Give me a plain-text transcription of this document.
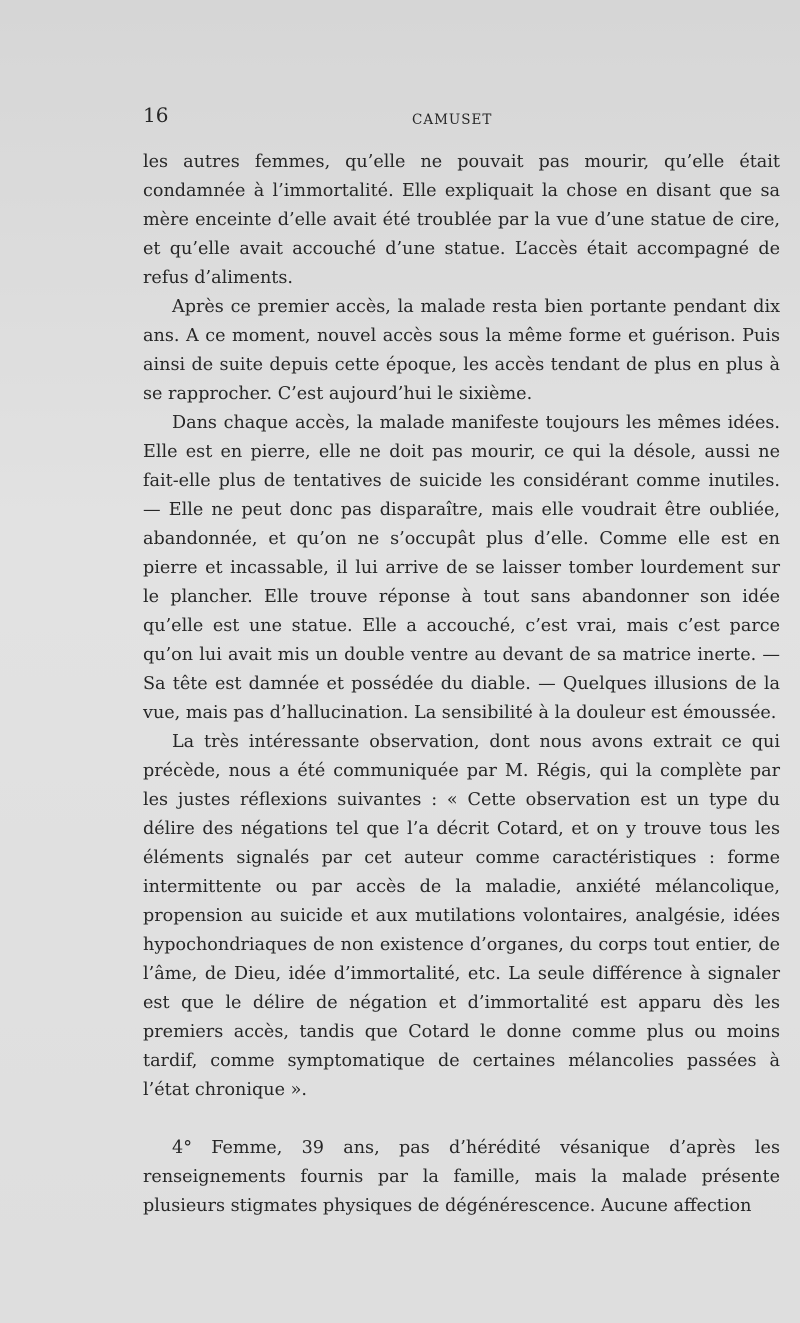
16	CAMUSET

les autres femmes, qu’elle ne pouvait pas mourir, qu’elle était condamnée à l’immortalité. Elle expliquait la chose en disant que sa mère enceinte d’elle avait été troublée par la vue d’une statue de cire, et qu’elle avait accouché d’une statue. L’accès était accompagné de refus d’aliments.

Après ce premier accès, la malade resta bien portante pendant dix ans. A ce moment, nouvel accès sous la même forme et guérison. Puis ainsi de suite depuis cette époque, les accès tendant de plus en plus à se rapprocher. C’est aujourd’hui le sixième.

Dans chaque accès, la malade manifeste toujours les mêmes idées. Elle est en pierre, elle ne doit pas mourir, ce qui la désole, aussi ne fait-elle plus de tentatives de suicide les considérant comme inutiles. — Elle ne peut donc pas disparaître, mais elle voudrait être oubliée, abandonnée, et qu’on ne s’occupât plus d’elle. Comme elle est en pierre et incassable, il lui arrive de se laisser tomber lourdement sur le plancher. Elle trouve réponse à tout sans abandonner son idée qu’elle est une statue. Elle a accouché, c’est vrai, mais c’est parce qu’on lui avait mis un double ventre au devant de sa matrice inerte. — Sa tête est damnée et possédée du diable. — Quelques illusions de la vue, mais pas d’hallucination. La sensibilité à la douleur est émoussée.

La très intéressante observation, dont nous avons extrait ce qui précède, nous a été communiquée par M. Régis, qui la complète par les justes réflexions suivantes : « Cette observation est un type du délire des négations tel que l’a décrit Cotard, et on y trouve tous les éléments signalés par cet auteur comme caractéristiques : forme intermittente ou par accès de la maladie, anxiété mélancolique, propension au suicide et aux mutilations volontaires, analgésie, idées hypochondriaques de non existence d’organes, du corps tout entier, de l’âme, de Dieu, idée d’immortalité, etc. La seule différence à signaler est que le délire de négation et d’immortalité est apparu dès les premiers accès, tandis que Cotard le donne comme plus ou moins tardif, comme symptomatique de certaines mélancolies passées à l’état chronique ».

4° Femme, 39 ans, pas d’hérédité vésanique d’après les renseignements fournis par la famille, mais la malade présente plusieurs stigmates physiques de dégénérescence. Aucune affection
